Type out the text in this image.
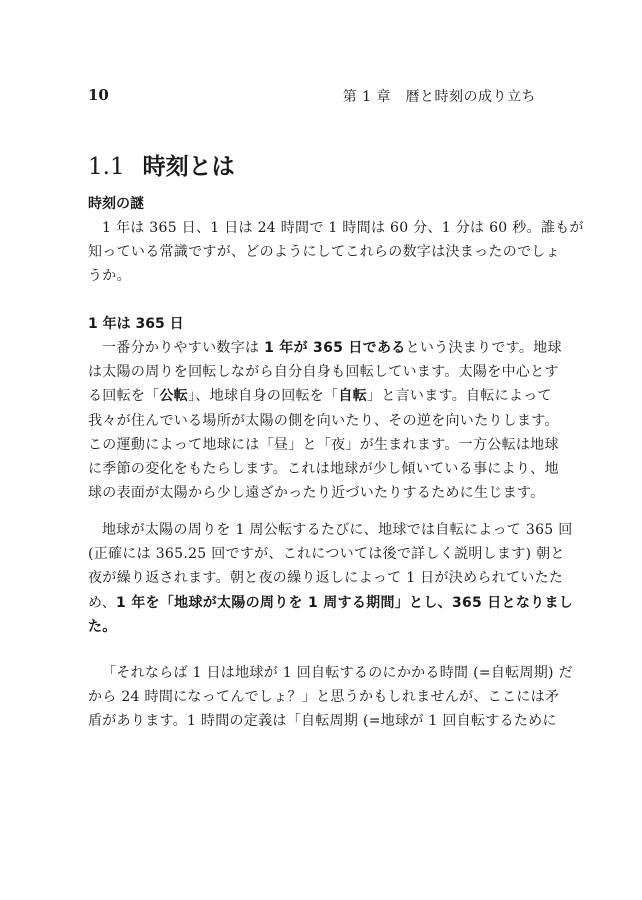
10	第 1 章　暦と時刻の成り立ち
1.1 時刻とは
時刻の謎

1 年は 365 日、1 日は 24 時間で 1 時間は 60 分、1 分は 60 秒。誰もが
知っている常識ですが、どのようにしてこれらの数字は決まったのでしょ
うか。

1 年は 365 日

一番分かりやすい数字は 1 年が 365 日であるという決まりです。地球
は太陽の周りを回転しながら自分自身も回転しています。太陽を中心とす
る回転を「公転」、地球自身の回転を「自転」と言います。自転によって
我々が住んでいる場所が太陽の側を向いたり、その逆を向いたりします。
この運動によって地球には「昼」と「夜」が生まれます。一方公転は地球
に季節の変化をもたらします。これは地球が少し傾いている事により、地
球の表面が太陽から少し遠ざかったり近づいたりするために生じます。

地球が太陽の周りを 1 周公転するたびに、地球では自転によって 365 回
(正確には 365.25 回ですが、これについては後で詳しく説明します) 朝と
夜が繰り返されます。朝と夜の繰り返しによって 1 日が決められていたた
め、1 年を「地球が太陽の周りを 1 周する期間」とし、365 日となりまし
た。

「それならば 1 日は地球が 1 回自転するのにかかる時間 (=自転周期) だ
から 24 時間になってんでしょ？」と思うかもしれませんが、ここには矛
盾があります。1 時間の定義は「自転周期 (=地球が 1 回自転するために
